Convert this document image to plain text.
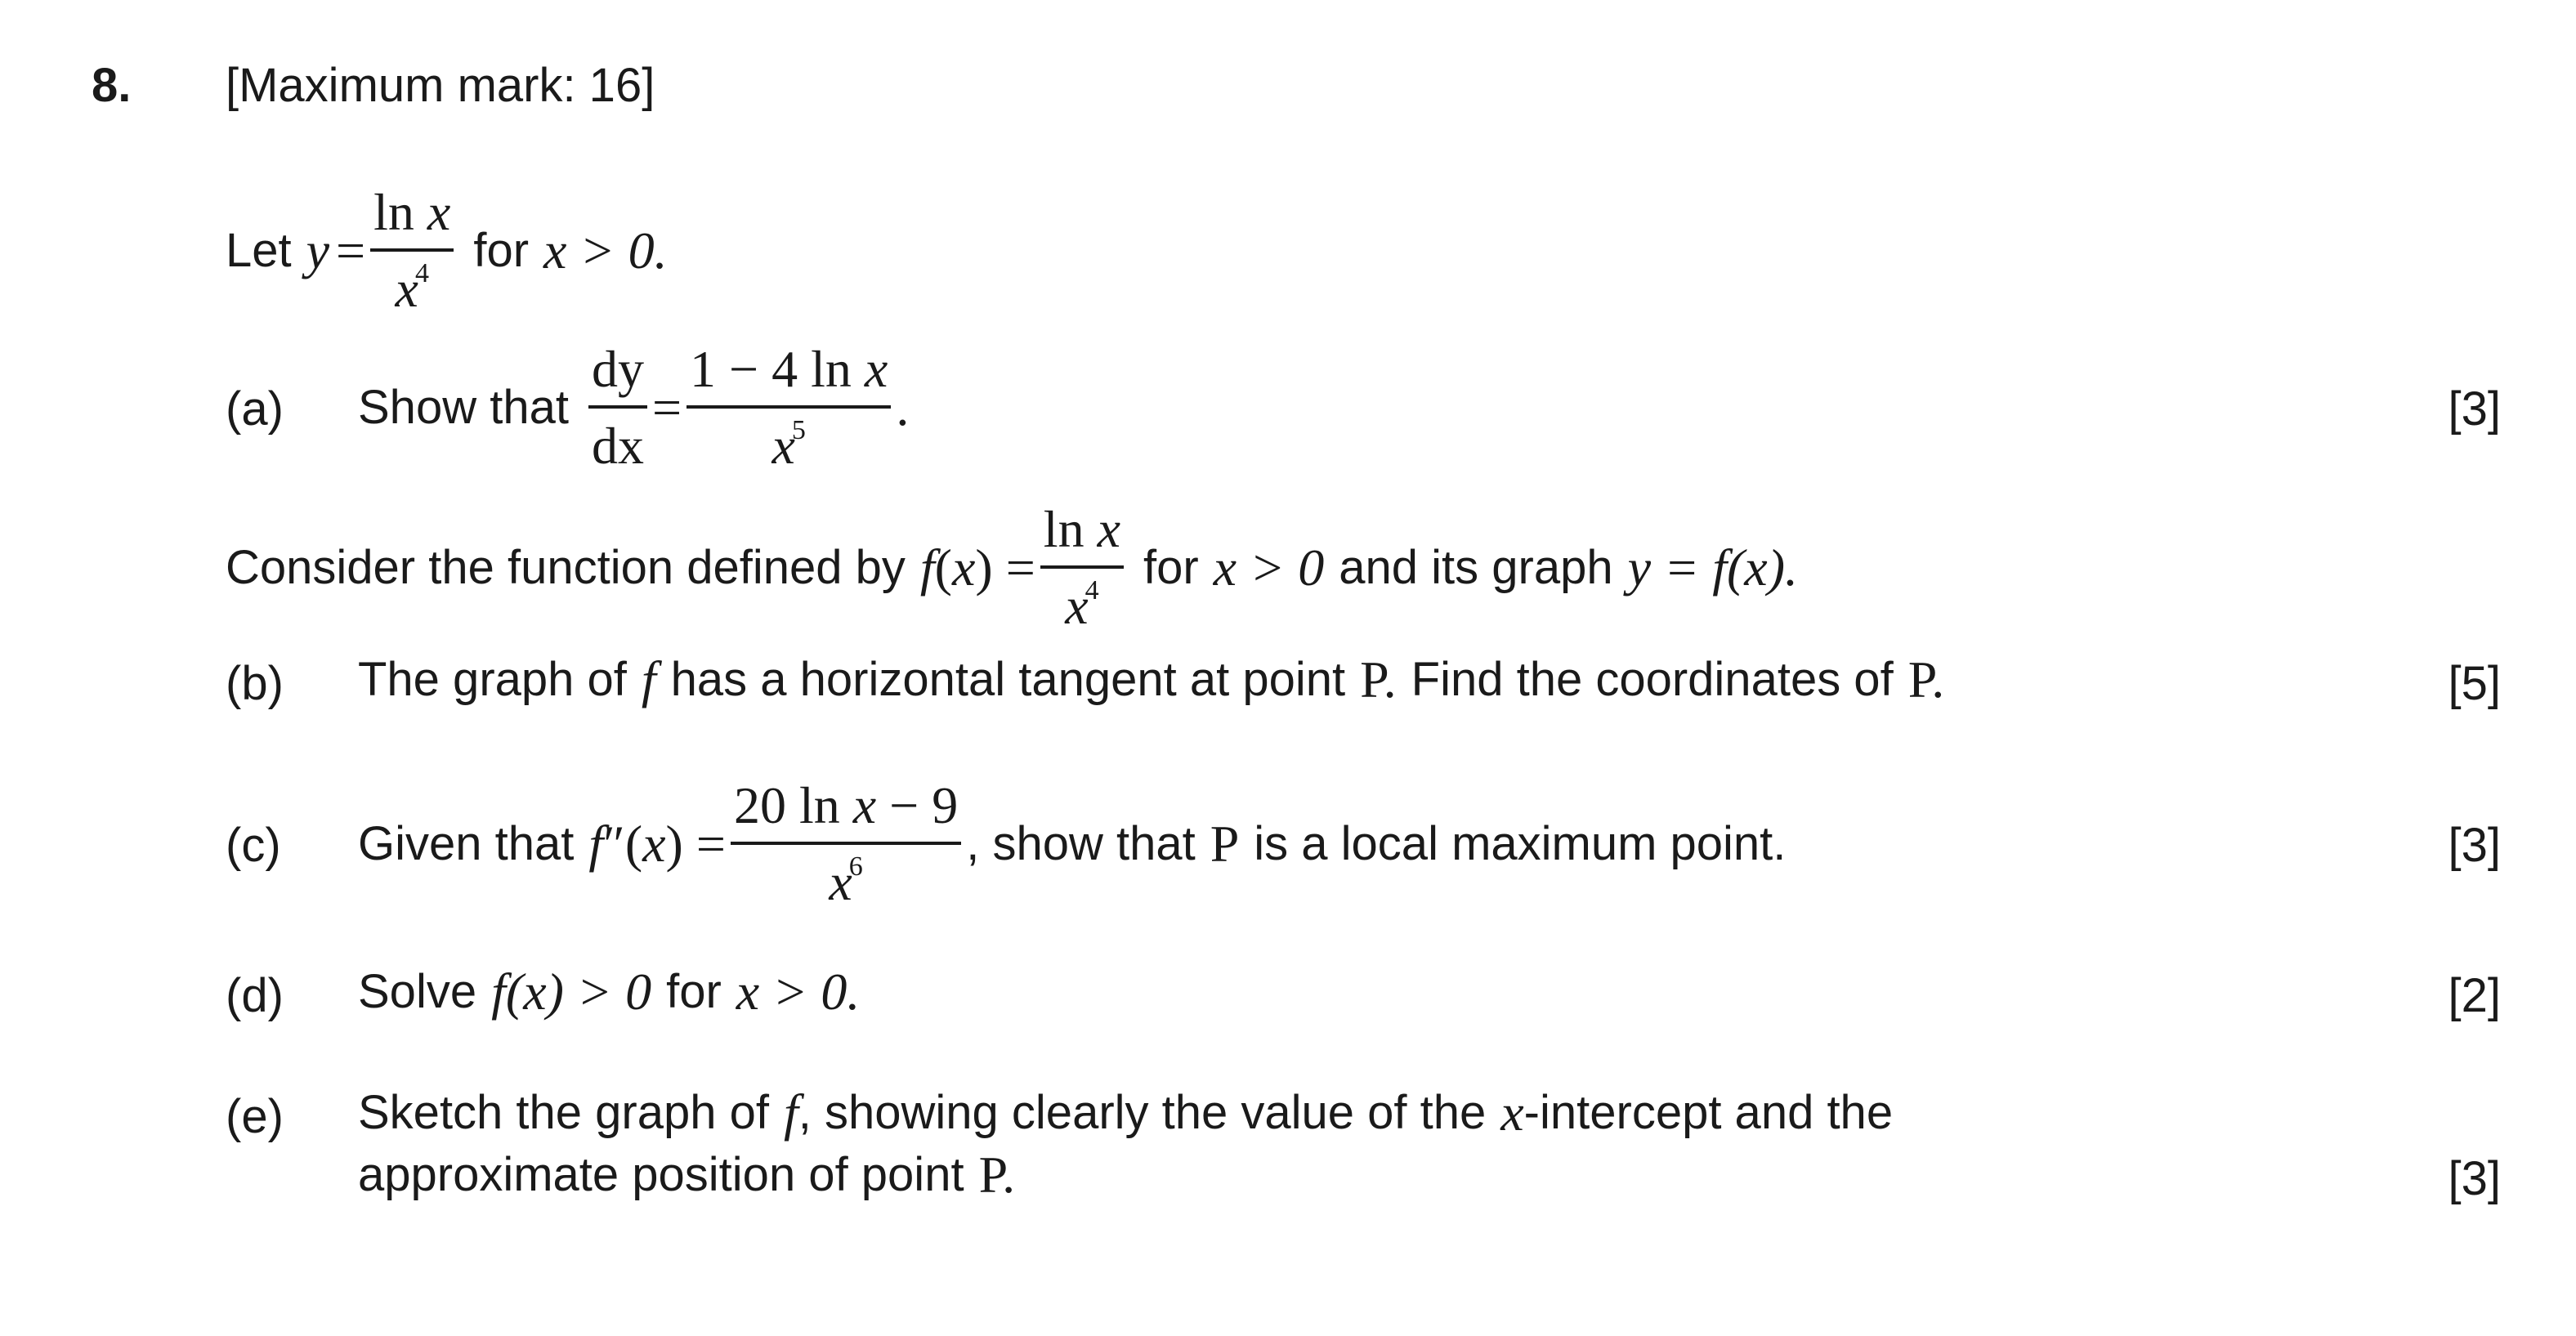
8. [Maximum mark: 16]
Let $y = \frac{\text{ln x}}{x^4}$ for x > 0.
(a) Show that $\frac{dy}{dx} = \frac{\text{1 − 4 ln x}}{x^5}$ .	[3]
Consider the function defined by $f(x) = \frac{\text{ln x}}{x^4}$ for x > 0 and its graph y = f(x).
(b) The graph of f has a horizontal tangent at point P. Find the coordinates of P.	[5]
(c) Given that $f''(x) = \frac{\text{20 ln x − 9}}{x^6}$ , show that P is a local maximum point.	[3]
(d) Solve f(x) > 0 for x > 0.	[2]
(e) Sketch the graph of f , showing clearly the value of the x -intercept and the
approximate position of point P.	[3]
